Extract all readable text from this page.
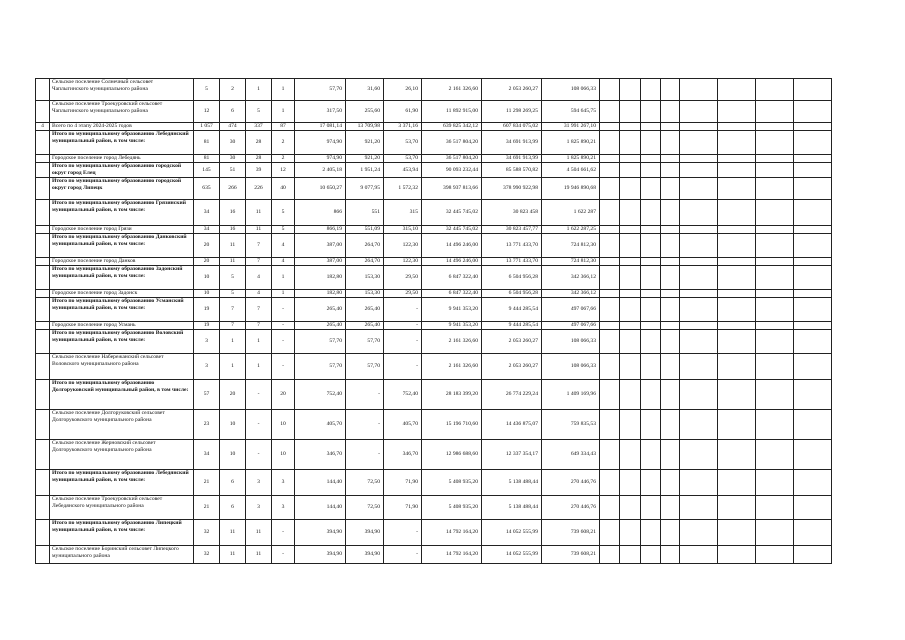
	Сельское поселение Солнечный сельсовет Чаплыгинского муниципального района	5	2	1	1	57,70	31,60	26,10	2 161 326,60	2 053 260,27	108 066,33								
	Сельское поселение Троекуровский сельсовет Чаплыгинского муниципального района	12	6	5	1	317,50	255,60	61,90	11 892 915,00	11 298 269,25	594 645,75								
4	Всего по 4 этапу 2024-2025 годов	1 057	474	337	87	17 081,14	13 709,98	3 371,16	639 825 342,12	607 834 075,02	31 991 267,10								
	Итого по муниципальному образованию Лебедянский муниципальный район, в том числе:	81	30	28	2	974,90	921,20	53,70	36 517 804,20	34 691 913,99	1 825 890,21								
	Городское поселение город Лебедянь	81	30	28	2	974,90	921,20	53,70	36 517 804,20	34 691 913,99	1 825 890,21								
	Итого по муниципальному образованию городской округ город Елец	145	51	39	12	2 405,18	1 951,24	453,94	90 093 232,44	85 588 570,82	4 504 661,62								
	Итого по муниципальному образованию городской округ город Липецк	635	266	226	40	10 650,27	9 077,95	1 572,32	398 937 813,66	378 990 922,98	19 946 890,68								
	Итого по муниципальному образованию Грязинский муниципальный район, в том числе:	34	16	11	5	866	551	315	32 445 745,02	30 823 458	1 622 287								
	Городское поселение город Грязи	34	16	11	5	866,19	551,09	315,10	32 445 745,02	30 823 457,77	1 622 287,25								
	Итого по муниципальному образованию Данковский муниципальный район, в том числе:	20	11	7	4	387,00	264,70	122,30	14 496 246,00	13 771 433,70	724 812,30								
	Городское поселение город Данков	20	11	7	4	387,00	264,70	122,30	14 496 246,00	13 771 433,70	724 812,30								
	Итого по муниципальному образованию Задонский муниципальный район, в том числе:	10	5	4	1	182,80	153,30	29,50	6 847 322,40	6 504 956,28	342 366,12								
	Городское поселение город Задонск	10	5	4	1	182,80	153,30	29,50	6 847 322,40	6 504 956,28	342 366,12								
	Итого по муниципальному образованию Усманский муниципальный район, в том числе:	19	7	7	-	265,40	265,40	-	9 941 353,20	9 444 285,54	497 067,66								
	Городское поселение город Усмань	19	7	7	-	265,40	265,40	-	9 941 353,20	9 444 285,54	497 067,66								
	Итого по муниципальному образованию Воловский муниципальный район, в том числе:	3	1	1	-	57,70	57,70	-	2 161 326,60	2 053 260,27	108 066,33								
	Сельское поселение Набережанский сельсовет Воловского муниципального района	3	1	1	-	57,70	57,70	-	2 161 326,60	2 053 260,27	108 066,33								
	Итого по муниципальному образованию Долгоруковский муниципальный район, в том числе:	57	20	-	20	752,40	-	752,40	28 183 399,20	26 774 229,24	1 409 169,96								
	Сельское поселение Долгоруковский сельсовет Долгоруковского муниципального района	23	10	-	10	405,70	-	405,70	15 196 710,60	14 436 875,07	759 835,53								
	Сельское поселение Жерновский сельсовет Долгоруковского муниципального района	34	10	-	10	346,70	-	346,70	12 986 688,60	12 337 354,17	649 334,43								
	Итого по муниципальному образованию Лебедянский муниципальный район, в том числе:	21	6	3	3	144,40	72,50	71,90	5 408 935,20	5 138 488,44	270 446,76								
	Сельское поселение Троекуровский сельсовет Лебедянского муниципального района	21	6	3	3	144,40	72,50	71,90	5 408 935,20	5 138 488,44	270 446,76								
	Итого по муниципальному образованию Липецкий муниципальный район, в том числе:	32	11	11	-	394,90	394,90	-	14 792 164,20	14 052 555,99	739 608,21								
	Сельское поселение Боринский сельсовет Липецкого муниципального района	32	11	11	-	394,90	394,90	-	14 792 164,20	14 052 555,99	739 608,21								
